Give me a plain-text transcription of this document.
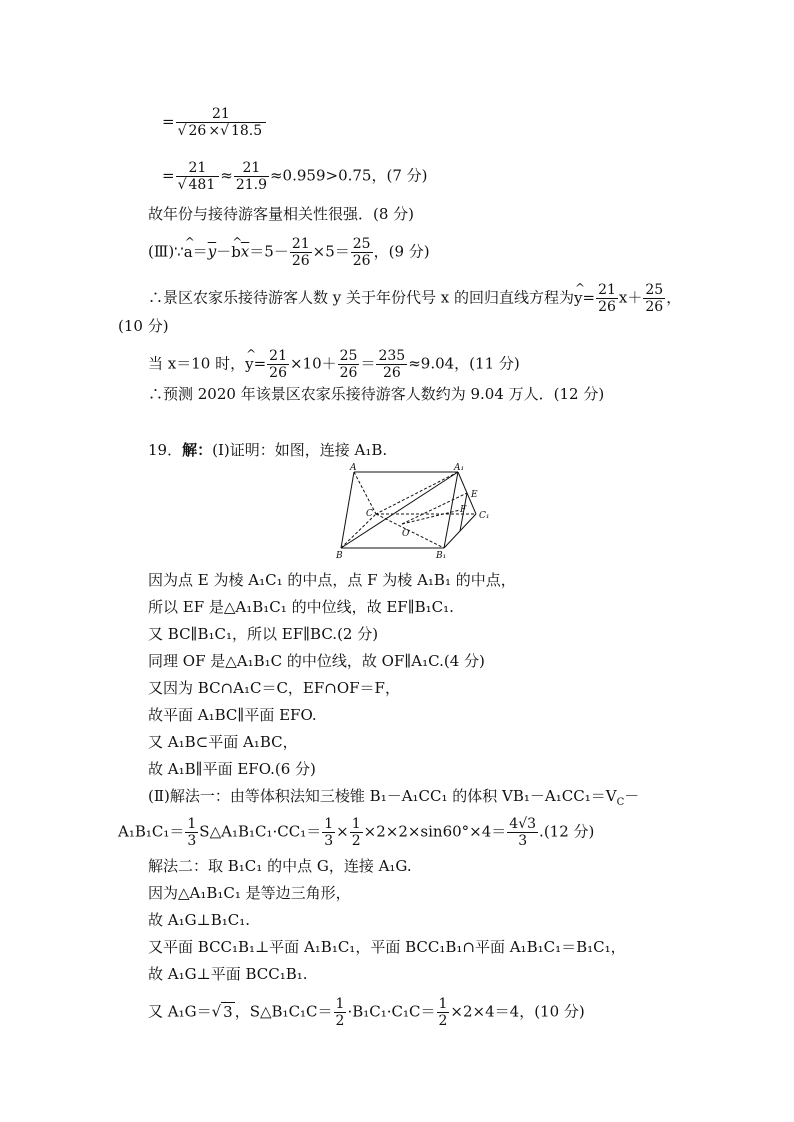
= $\frac{21}{√ 26 \times√ 18.5}$
= $\frac{21}{√ 481} \approx \frac{21}{21.9} \approx 0.959>0.75$，(7 分)
故年份与接待游客量相关性很强．(8 分)
(Ⅲ)∵^ $a=\overline{y}-\^{}$ $b\overline{x}=5- \frac{21}{26} \times 5= \frac{25}{26}$ ，(9 分)
∴景区农家乐接待游客人数 y 关于年份代号 x 的回归直线方程为^ $y= \frac{21}{26} x+ \frac{25}{26}$ ，
(10 分)
当 x＝10 时，^ $y= \frac{21}{26} \times 10+ \frac{25}{26} = \frac{235}{26} \approx 9.04$，(11 分)
∴预测 2020 年该景区农家乐接待游客人数约为 9.04 万人．(12 分)
19．解：(Ⅰ)证明：如图，连接 A₁B.
A	A₁
B	B₁
C	C₁
E
F
O
因为点 E 为棱 A₁C₁ 的中点，点 F 为棱 A₁B₁ 的中点，
所以 EF 是△A₁B₁C₁ 的中位线，故 EF∥B₁C₁.
又 BC∥B₁C₁，所以 EF∥BC.(2 分)
同理 OF 是△A₁B₁C 的中位线，故 OF∥A₁C.(4 分)
又因为 BC∩A₁C＝C，EF∩OF＝F，
故平面 A₁BC∥平面 EFO.
又 A₁B⊂平面 A₁BC，
故 A₁B∥平面 EFO.(6 分)
(Ⅱ)解法一：由等体积法知三棱锥 B₁－A₁CC₁ 的体积 $VB_1-A_1CC_1=V_C-$
$A_1B_1C_1= \frac{1}{3}$ S△A₁B₁C₁·CC₁＝ $\frac{1}{3} \times \frac{1}{2} \times 2\times 2\times\sin 60^\circ\times 4= \frac{4√3}{3} .(12$ 分)
解法二：取 B₁C₁ 的中点 G，连接 A₁G.
因为△A₁B₁C₁ 是等边三角形，
故 A₁G⊥B₁C₁.
又平面 BCC₁B₁⊥平面 A₁B₁C₁，平面 BCC₁B₁∩平面 A₁B₁C₁＝B₁C₁，
故 A₁G⊥平面 BCC₁B₁.
又 A₁G＝√ 3 ，S△B₁C₁C＝ $\frac{1}{2} \cdot B_1C_1\cdot C_1C= \frac{1}{2} \times 2\times 4=4$，(10 分)
